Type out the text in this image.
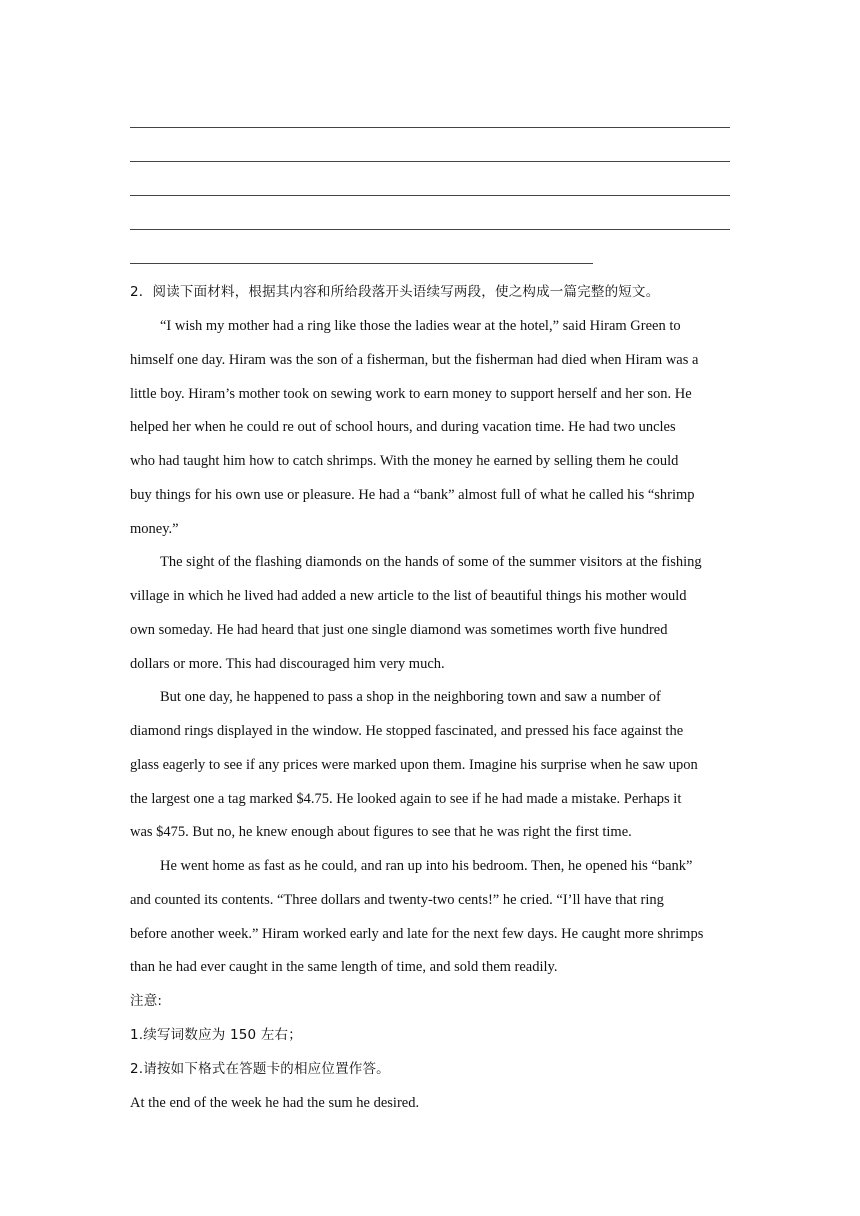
2．阅读下面材料，根据其内容和所给段落开头语续写两段，使之构成一篇完整的短文。
“I wish my mother had a ring like those the ladies wear at the hotel,” said Hiram Green to
himself one day. Hiram was the son of a fisherman, but the fisherman had died when Hiram was a
little boy. Hiram’s mother took on sewing work to earn money to support herself and her son. He
helped her when he could re out of school hours, and during vacation time. He had two uncles
who had taught him how to catch shrimps. With the money he earned by selling them he could
buy things for his own use or pleasure. He had a “bank” almost full of what he called his “shrimp
money.”
The sight of the flashing diamonds on the hands of some of the summer visitors at the fishing
village in which he lived had added a new article to the list of beautiful things his mother would
own someday. He had heard that just one single diamond was sometimes worth five hundred
dollars or more. This had discouraged him very much.
But one day, he happened to pass a shop in the neighboring town and saw a number of
diamond rings displayed in the window. He stopped fascinated, and pressed his face against the
glass eagerly to see if any prices were marked upon them. Imagine his surprise when he saw upon
the largest one a tag marked $4.75. He looked again to see if he had made a mistake. Perhaps it
was $475. But no, he knew enough about figures to see that he was right the first time.
He went home as fast as he could, and ran up into his bedroom. Then, he opened his “bank”
and counted its contents. “Three dollars and twenty-two cents!” he cried. “I’ll have that ring
before another week.” Hiram worked early and late for the next few days. He caught more shrimps
than he had ever caught in the same length of time, and sold them readily.
注意:
1.续写词数应为 150 左右；
2.请按如下格式在答题卡的相应位置作答。
At the end of the week he had the sum he desired.
